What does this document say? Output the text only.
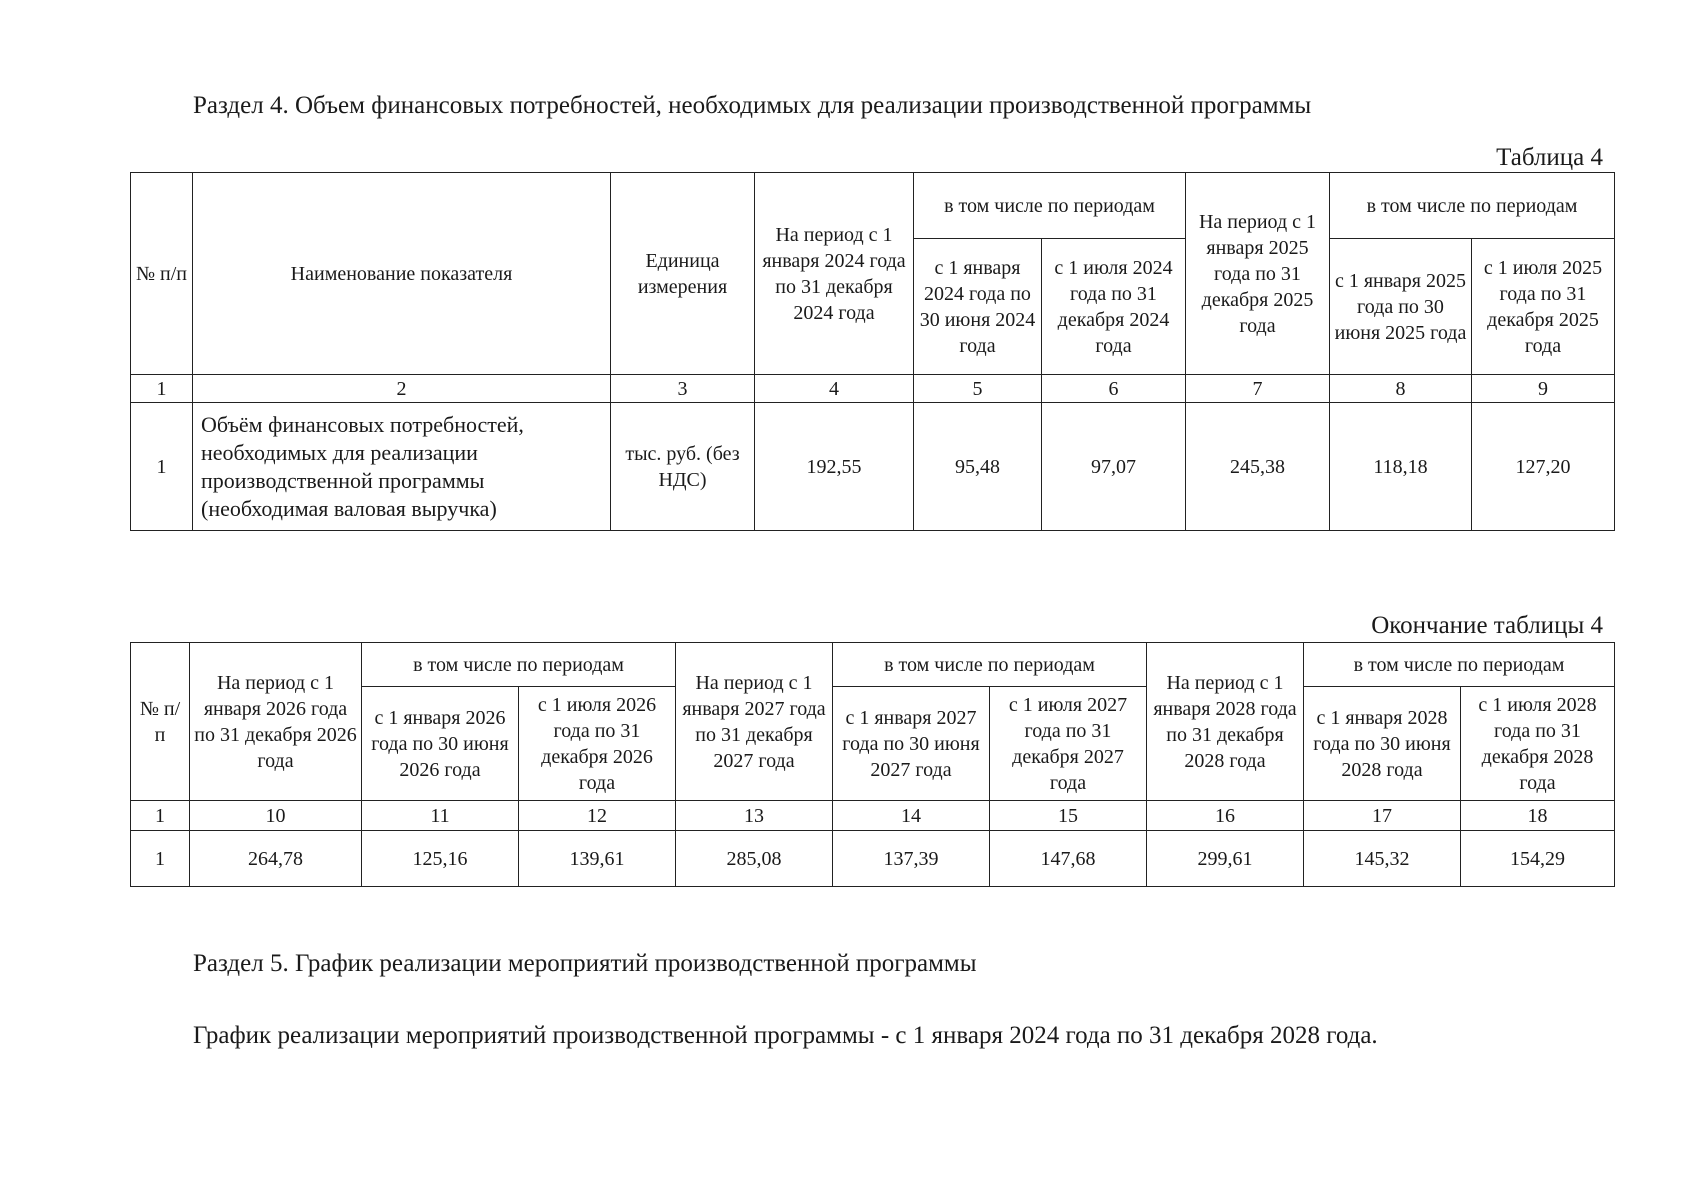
Раздел 4. Объем финансовых потребностей, необходимых для реализации производственной программы
Таблица 4
№ п/п	Наименование показателя	Единица измерения	На период с 1 января 2024 года по 31 декабря 2024 года	в том числе по периодам		На период с 1 января 2025 года по 31 декабря 2025 года	в том числе по периодам	
				с 1 января 2024 года по 30 июня 2024 года	с 1 июля 2024 года по 31 декабря 2024 года		с 1 января 2025 года по 30 июня 2025 года	с 1 июля 2025 года по 31 декабря 2025 года
1	2	3	4	5	6	7	8	9
1	Объём финансовых потребностей, необходимых для реализации производственной программы (необходимая валовая выручка)	тыс. руб. (без НДС)	192,55	95,48	97,07	245,38	118,18	127,20
Окончание таблицы 4
№ п/п	На период с 1 января 2026 года по 31 декабря 2026 года	в том числе по периодам		На период с 1 января 2027 года по 31 декабря 2027 года	в том числе по периодам		На период с 1 января 2028 года по 31 декабря 2028 года	в том числе по периодам	
		с 1 января 2026 года по 30 июня 2026 года	с 1 июля 2026 года по 31 декабря 2026 года		с 1 января 2027 года по 30 июня 2027 года	с 1 июля 2027 года по 31 декабря 2027 года		с 1 января 2028 года по 30 июня 2028 года	с 1 июля 2028 года по 31 декабря 2028 года
1	10	11	12	13	14	15	16	17	18
1	264,78	125,16	139,61	285,08	137,39	147,68	299,61	145,32	154,29
Раздел 5. График реализации мероприятий производственной программы
График реализации мероприятий производственной программы - с 1 января 2024 года по 31 декабря 2028 года.
